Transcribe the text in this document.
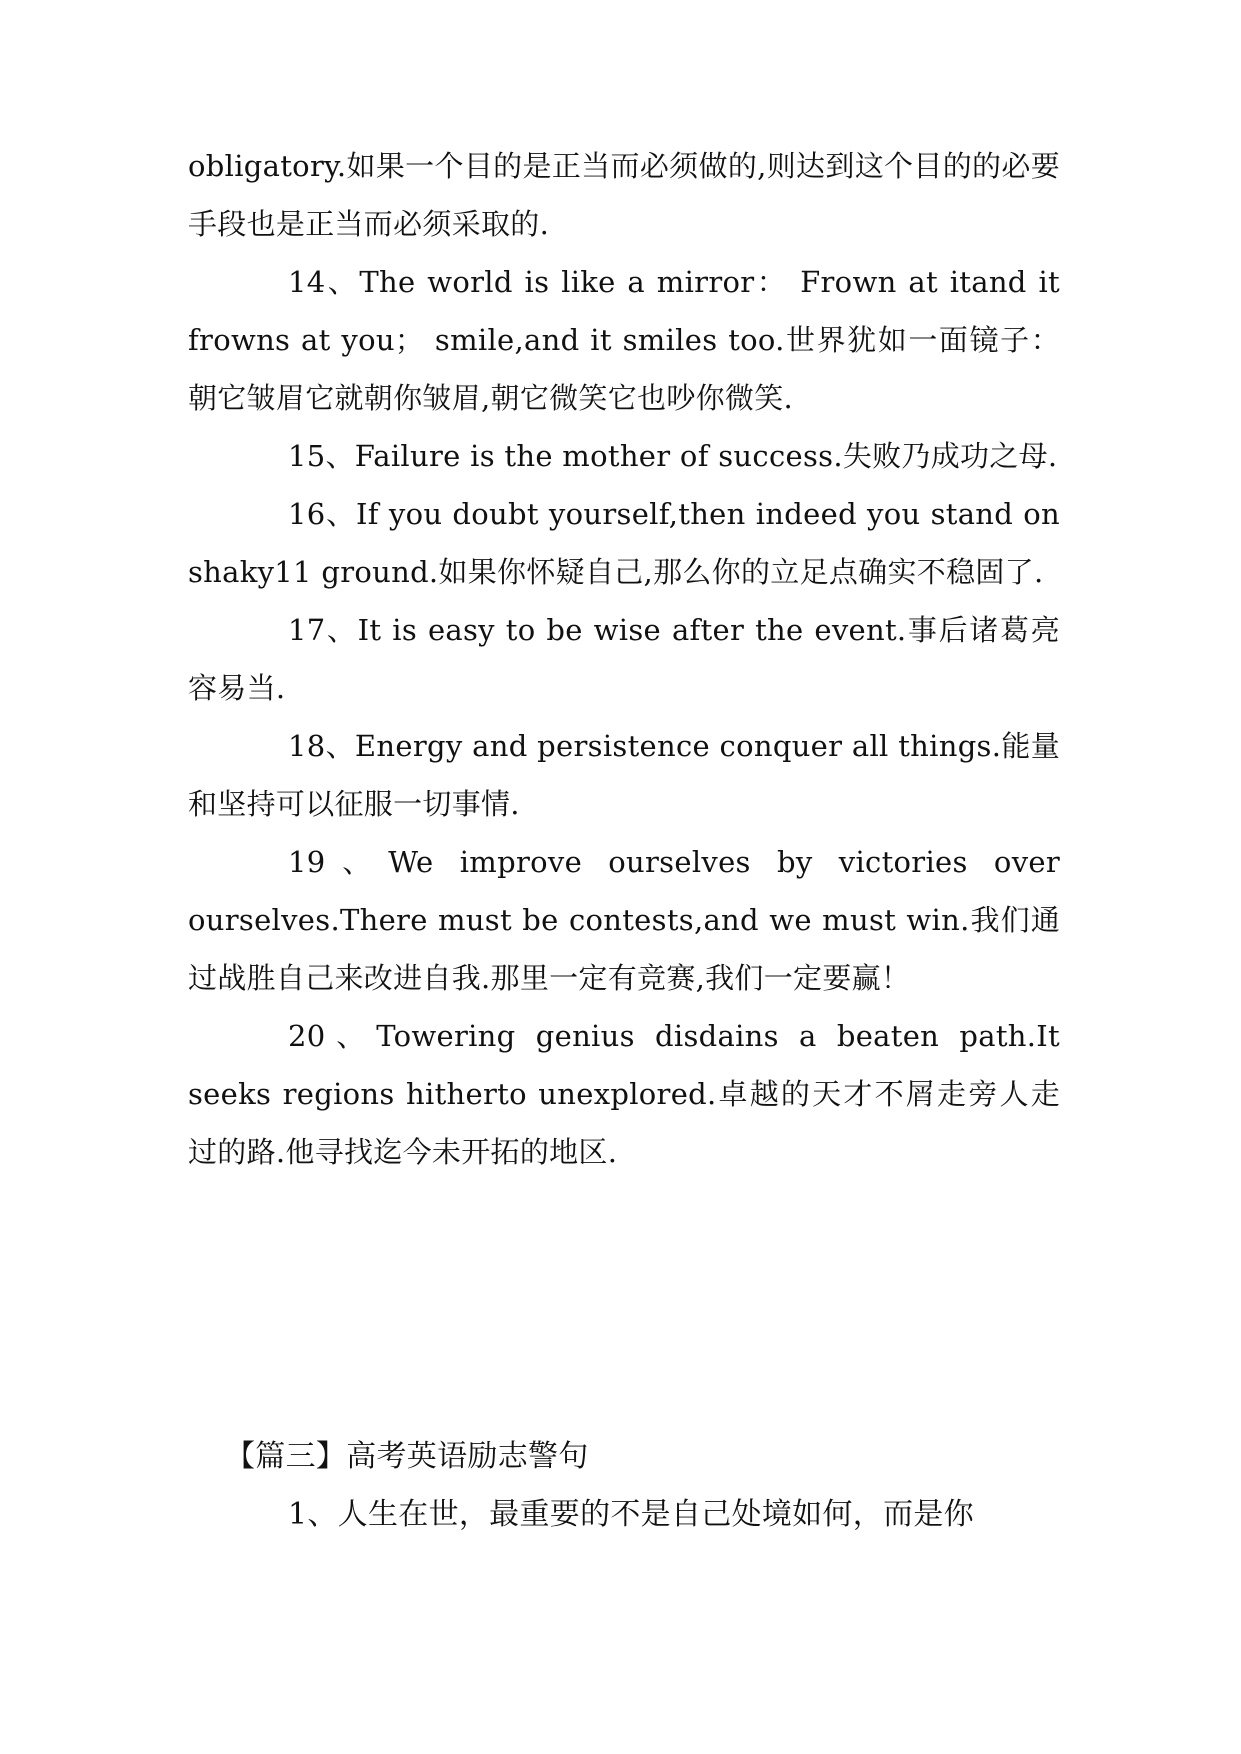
obligatory.如果一个目的是正当而必须做的,则达到这个目的的必要手段也是正当而必须采取的.

14、The world is like a mirror： Frown at itand it frowns at you； smile,and it smiles too.世界犹如一面镜子：朝它皱眉它就朝你皱眉,朝它微笑它也吵你微笑.

15、Failure is the mother of success.失败乃成功之母.

16、If you doubt yourself,then indeed you stand on shaky11 ground.如果你怀疑自己,那么你的立足点确实不稳固了.

17、It is easy to be wise after the event.事后诸葛亮容易当.

18、Energy and persistence conquer all things.能量和坚持可以征服一切事情.

19、We improve ourselves by victories over ourselves.There must be contests,and we must win.我们通过战胜自己来改进自我.那里一定有竞赛,我们一定要赢！

20、Towering genius disdains a beaten path.It seeks regions hitherto unexplored.卓越的天才不屑走旁人走过的路.他寻找迄今未开拓的地区.

【篇三】高考英语励志警句

1、人生在世，最重要的不是自己处境如何，而是你
